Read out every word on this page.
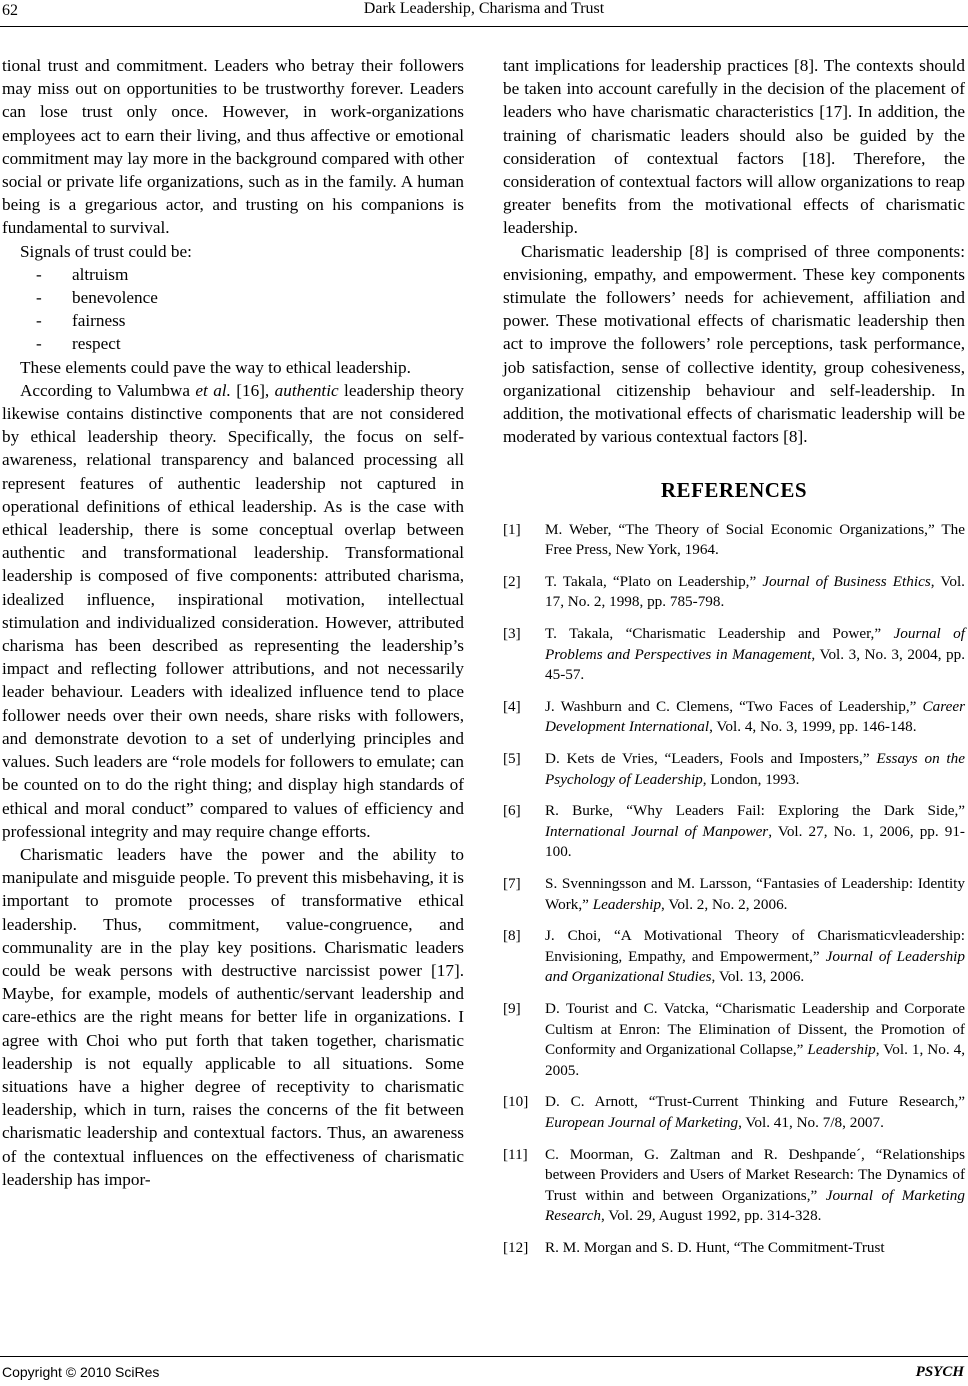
62	Dark Leadership, Charisma and Trust

tional trust and commitment. Leaders who betray their followers may miss out on opportunities to be trustworthy forever. Leaders can lose trust only once. However, in work-organizations employees act to earn their living, and thus affective or emotional commitment may lay more in the background compared with other social or private life organizations, such as in the family. A human being is a gregarious actor, and trusting on his companions is fundamental to survival.

Signals of trust could be:

-	altruism
-	benevolence
-	fairness
-	respect

These elements could pave the way to ethical leadership.

According to Valumbwa et al. [16], authentic leadership theory likewise contains distinctive components that are not considered by ethical leadership theory. Specifically, the focus on self-awareness, relational transparency and balanced processing all represent features of authentic leadership not captured in operational definitions of ethical leadership. As is the case with ethical leadership, there is some conceptual overlap between authentic and transformational leadership. Transformational leadership is composed of five components: attributed charisma, idealized influence, inspirational motivation, intellectual stimulation and individualized consideration. However, attributed charisma has been described as representing the leadership’s impact and reflecting follower attributions, and not necessarily leader behaviour. Leaders with idealized influence tend to place follower needs over their own needs, share risks with followers, and demonstrate devotion to a set of underlying principles and values. Such leaders are “role models for followers to emulate; can be counted on to do the right thing; and display high standards of ethical and moral conduct” compared to values of efficiency and professional integrity and may require change efforts.

Charismatic leaders have the power and the ability to manipulate and misguide people. To prevent this misbehaving, it is important to promote processes of transformative ethical leadership. Thus, commitment, value-congruence, and communality are in the play key positions. Charismatic leaders could be weak persons with destructive narcissist power [17]. Maybe, for example, models of authentic/servant leadership and care-ethics are the right means for better life in organizations. I agree with Choi who put forth that taken together, charismatic leadership is not equally applicable to all situations. Some situations have a higher degree of receptivity to charismatic leadership, which in turn, raises the concerns of the fit between charismatic leadership and contextual factors. Thus, an awareness of the contextual influences on the effectiveness of charismatic leadership has impor-

tant implications for leadership practices [8]. The contexts should be taken into account carefully in the decision of the placement of leaders who have charismatic characteristics [17]. In addition, the training of charismatic leaders should also be guided by the consideration of contextual factors [18]. Therefore, the consideration of contextual factors will allow organizations to reap greater benefits from the motivational effects of charismatic leadership.

Charismatic leadership [8] is comprised of three components: envisioning, empathy, and empowerment. These key components stimulate the followers’ needs for achievement, affiliation and power. These motivational effects of charismatic leadership then act to improve the followers’ role perceptions, task performance, job satisfaction, sense of collective identity, group cohesiveness, organizational citizenship behaviour and self-leadership. In addition, the motivational effects of charismatic leadership will be moderated by various contextual factors [8].

REFERENCES
[1]	M. Weber, “The Theory of Social Economic Organizations,” The Free Press, New York, 1964.
[2]	T. Takala, “Plato on Leadership,” Journal of Business Ethics, Vol. 17, No. 2, 1998, pp. 785-798.
[3]	T. Takala, “Charismatic Leadership and Power,” Journal of Problems and Perspectives in Management, Vol. 3, No. 3, 2004, pp. 45-57.
[4]	J. Washburn and C. Clemens, “Two Faces of Leadership,” Career Development International, Vol. 4, No. 3, 1999, pp. 146-148.
[5]	D. Kets de Vries, “Leaders, Fools and Imposters,” Essays on the Psychology of Leadership, London, 1993.
[6]	R. Burke, “Why Leaders Fail: Exploring the Dark Side,” International Journal of Manpower, Vol. 27, No. 1, 2006, pp. 91-100.
[7]	S. Svenningsson and M. Larsson, “Fantasies of Leadership: Identity Work,” Leadership, Vol. 2, No. 2, 2006.
[8]	J. Choi, “A Motivational Theory of Charismaticvleadership: Envisioning, Empathy, and Empowerment,” Journal of Leadership and Organizational Studies, Vol. 13, 2006.
[9]	D. Tourist and C. Vatcka, “Charismatic Leadership and Corporate Cultism at Enron: The Elimination of Dissent, the Promotion of Conformity and Organizational Collapse,” Leadership, Vol. 1, No. 4, 2005.
[10]	D. C. Arnott, “Trust-Current Thinking and Future Research,” European Journal of Marketing, Vol. 41, No. 7/8, 2007.
[11]	C. Moorman, G. Zaltman and R. Deshpande´, “Relationships between Providers and Users of Market Research: The Dynamics of Trust within and between Organizations,” Journal of Marketing Research, Vol. 29, August 1992, pp. 314-328.
[12]	R. M. Morgan and S. D. Hunt, “The Commitment-Trust
Copyright © 2010 SciRes	PSYCH
